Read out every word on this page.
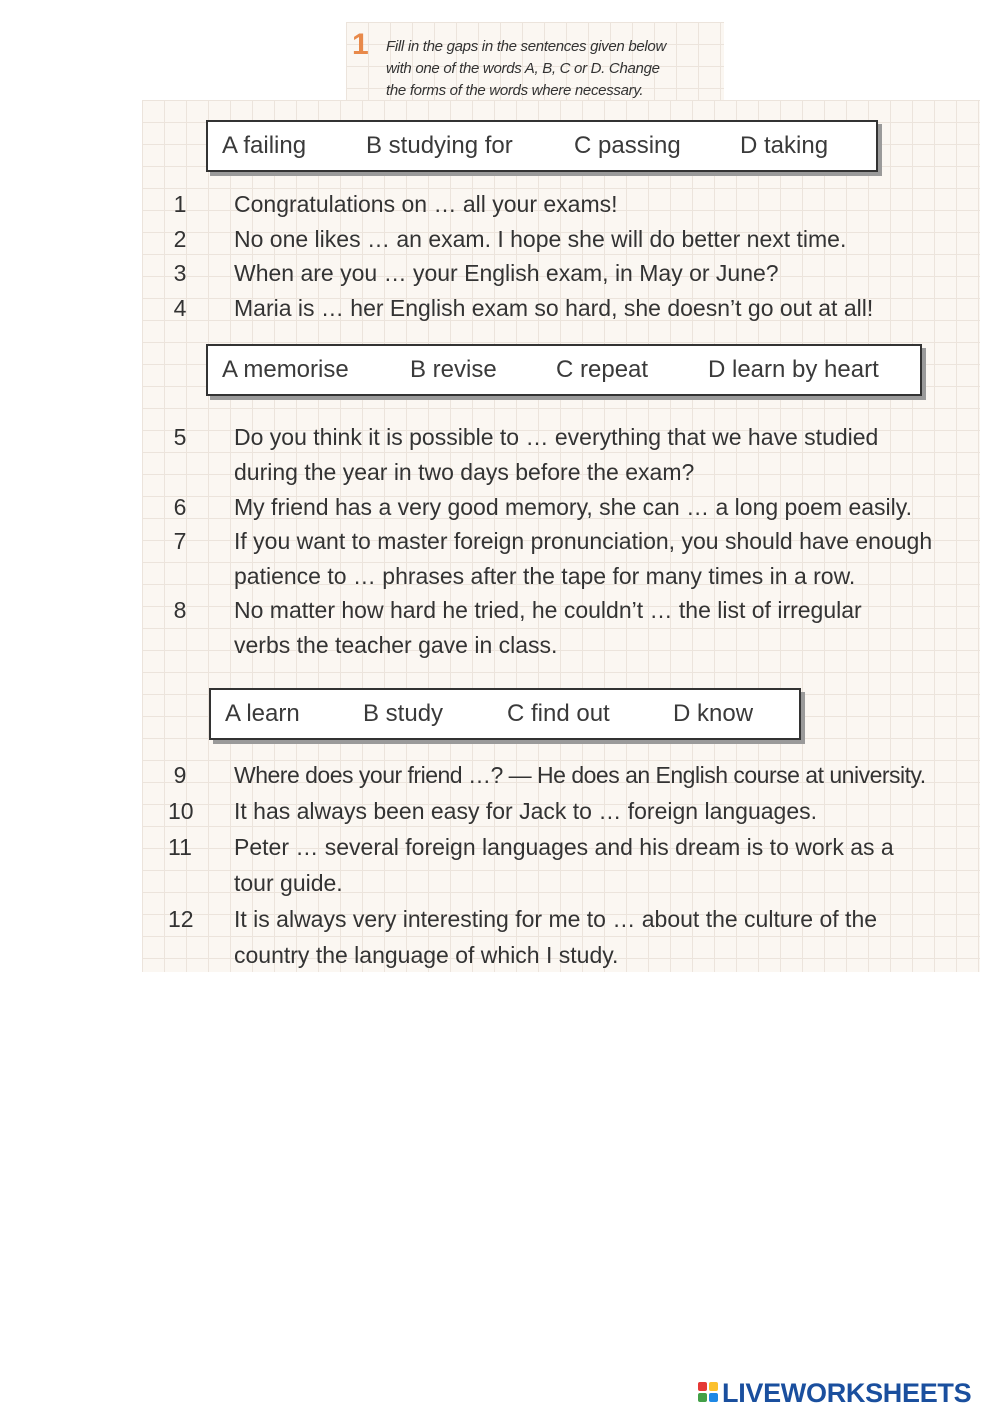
1 Fill in the gaps in the sentences given below
with one of the words A, B, C or D. Change
the forms of the words where necessary.
A failing B studying for	C passing D taking
1 Congratulations on … all your exams!
2 No one likes … an exam. I hope she will do better next time.
3 When are you … your English exam, in May or June?
4 Maria is … her English exam so hard, she doesn’t go out at all!
A memorise	B revise C repeat D learn by heart
5 Do you think it is possible to … everything that we have studied
during the year in two days before the exam?
6 My friend has a very good memory, she can … a long poem easily.
7 If you want to master foreign pronunciation, you should have enough
patience to … phrases after the tape for many times in a row.
8 No matter how hard he tried, he couldn’t … the list of irregular
verbs the teacher gave in class.
A learn	B study	C find out	D know
9 Where does your friend …? — He does an English course at university.
10 It has always been easy for Jack to … foreign languages.
11 Peter … several foreign languages and his dream is to work as a
tour guide.
12 It is always very interesting for me to … about the culture of the
country the language of which I study.
LIVEWORKSHEETS
